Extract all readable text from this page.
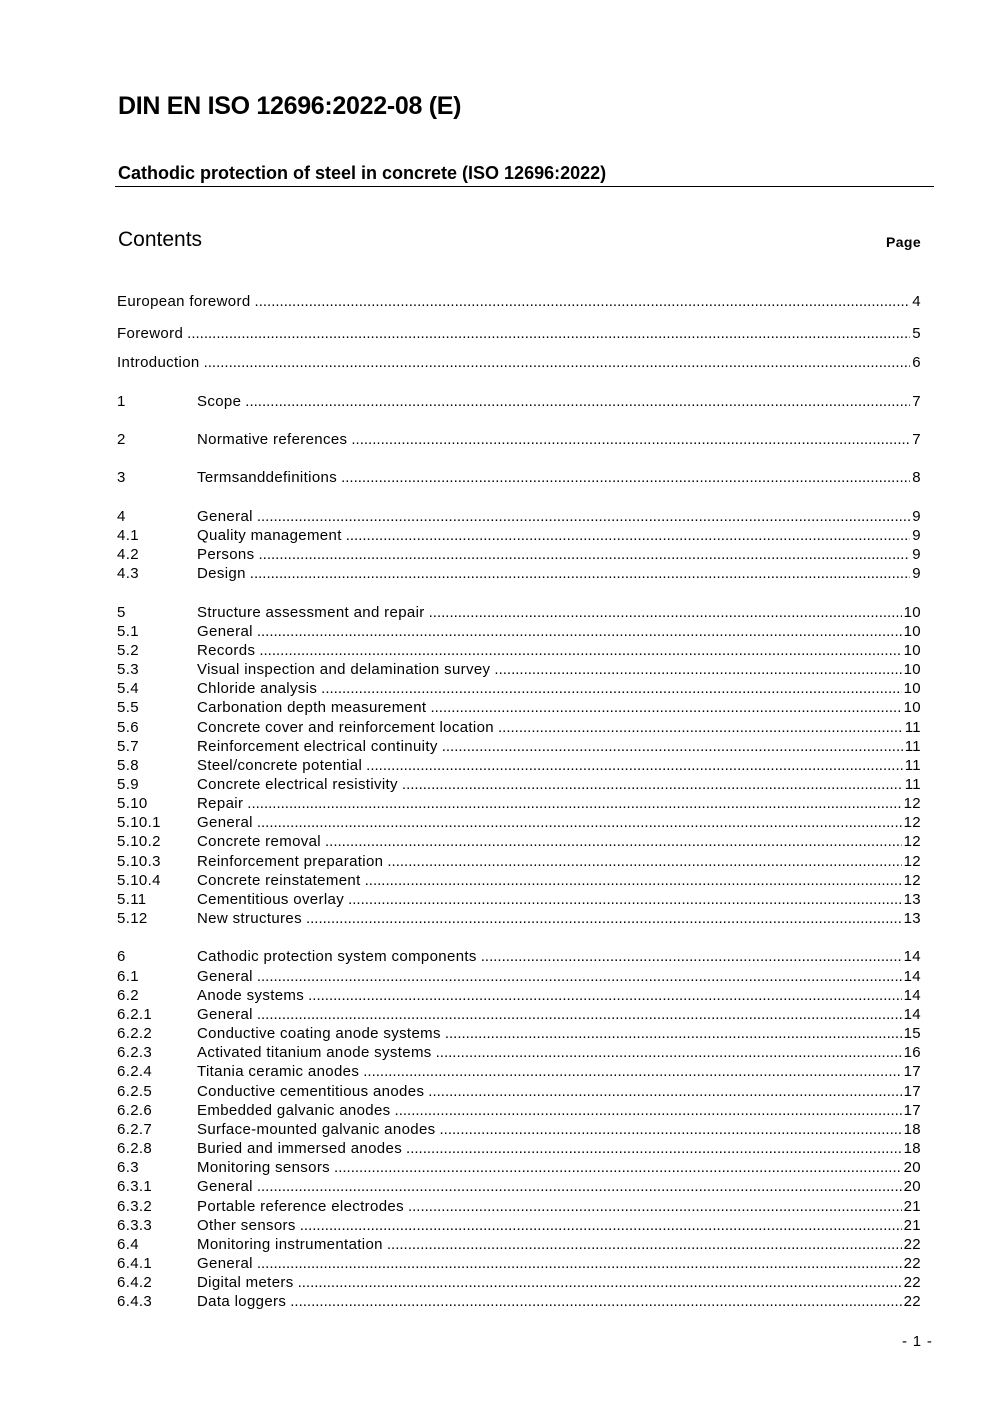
DIN EN ISO 12696:2022-08 (E)
Cathodic protection of steel in concrete (ISO 12696:2022)
Contents	Page
European foreword .....	4
Foreword .....	5
Introduction .....	6
1	Scope .....	7
2	Normative references .....	7
3	Termsanddefinitions .....	8
4	General .....	9
4.1	Quality management .....	9
4.2	Persons .....	9
4.3	Design .....	9
5	Structure assessment and repair .....	10
5.1	General .....	10
5.2	Records .....	10
5.3	Visual inspection and delamination survey .....	10
5.4	Chloride analysis .....	10
5.5	Carbonation depth measurement .....	10
5.6	Concrete cover and reinforcement location .....	11
5.7	Reinforcement electrical continuity .....	11
5.8	Steel/concrete potential .....	11
5.9	Concrete electrical resistivity .....	11
5.10	Repair .....	12
5.10.1	General .....	12
5.10.2	Concrete removal .....	12
5.10.3	Reinforcement preparation .....	12
5.10.4	Concrete reinstatement .....	12
5.11	Cementitious overlay .....	13
5.12	New structures .....	13
6	Cathodic protection system components .....	14
6.1	General .....	14
6.2	Anode systems .....	14
6.2.1	General .....	14
6.2.2	Conductive coating anode systems .....	15
6.2.3	Activated titanium anode systems .....	16
6.2.4	Titania ceramic anodes .....	17
6.2.5	Conductive cementitious anodes .....	17
6.2.6	Embedded galvanic anodes .....	17
6.2.7	Surface-mounted galvanic anodes .....	18
6.2.8	Buried and immersed anodes .....	18
6.3	Monitoring sensors .....	20
6.3.1	General .....	20
6.3.2	Portable reference electrodes .....	21
6.3.3	Other sensors .....	21
6.4	Monitoring instrumentation .....	22
6.4.1	General .....	22
6.4.2	Digital meters .....	22
6.4.3	Data loggers .....	22
- 1 -
